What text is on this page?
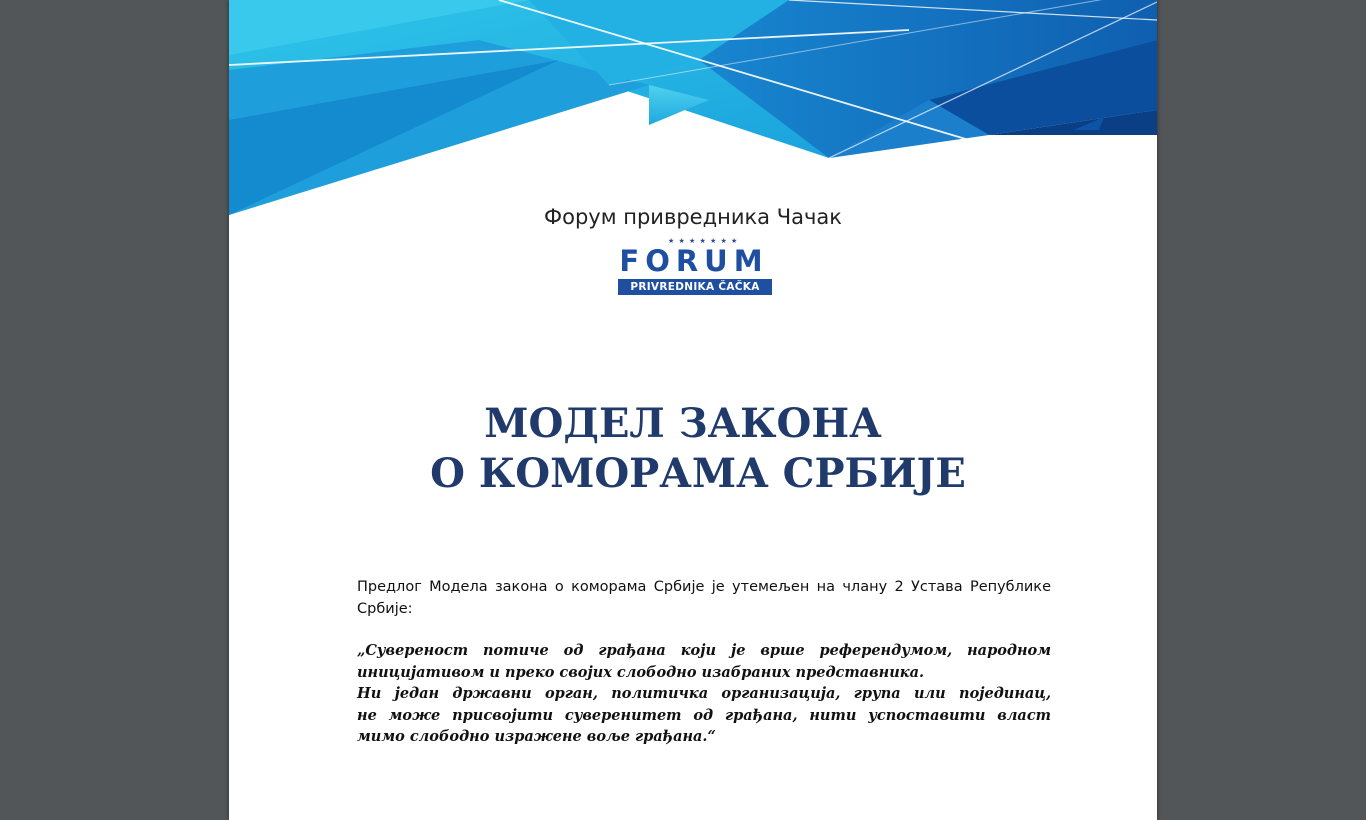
Форум привредника Чачак
★ ★ ★ ★ ★ ★ ★
FORUM
PRIVREDNIKA ČAČKA
МОДЕЛ ЗАКОНА
О КОМОРАМА СРБИЈЕ
Предлог Модела закона о коморама Србије је утемељен на члану 2 Устава Републике Србије:

„Сувереност потиче од грађана који је врше референдумом, народном

иницијативом и преко својих слободно изабраних представника.

Ни један државни орган, политичка организација, група или појединац,

не може присвојити суверенитет од грађана, нити успоставити власт

мимо слободно изражене воље грађана.“
